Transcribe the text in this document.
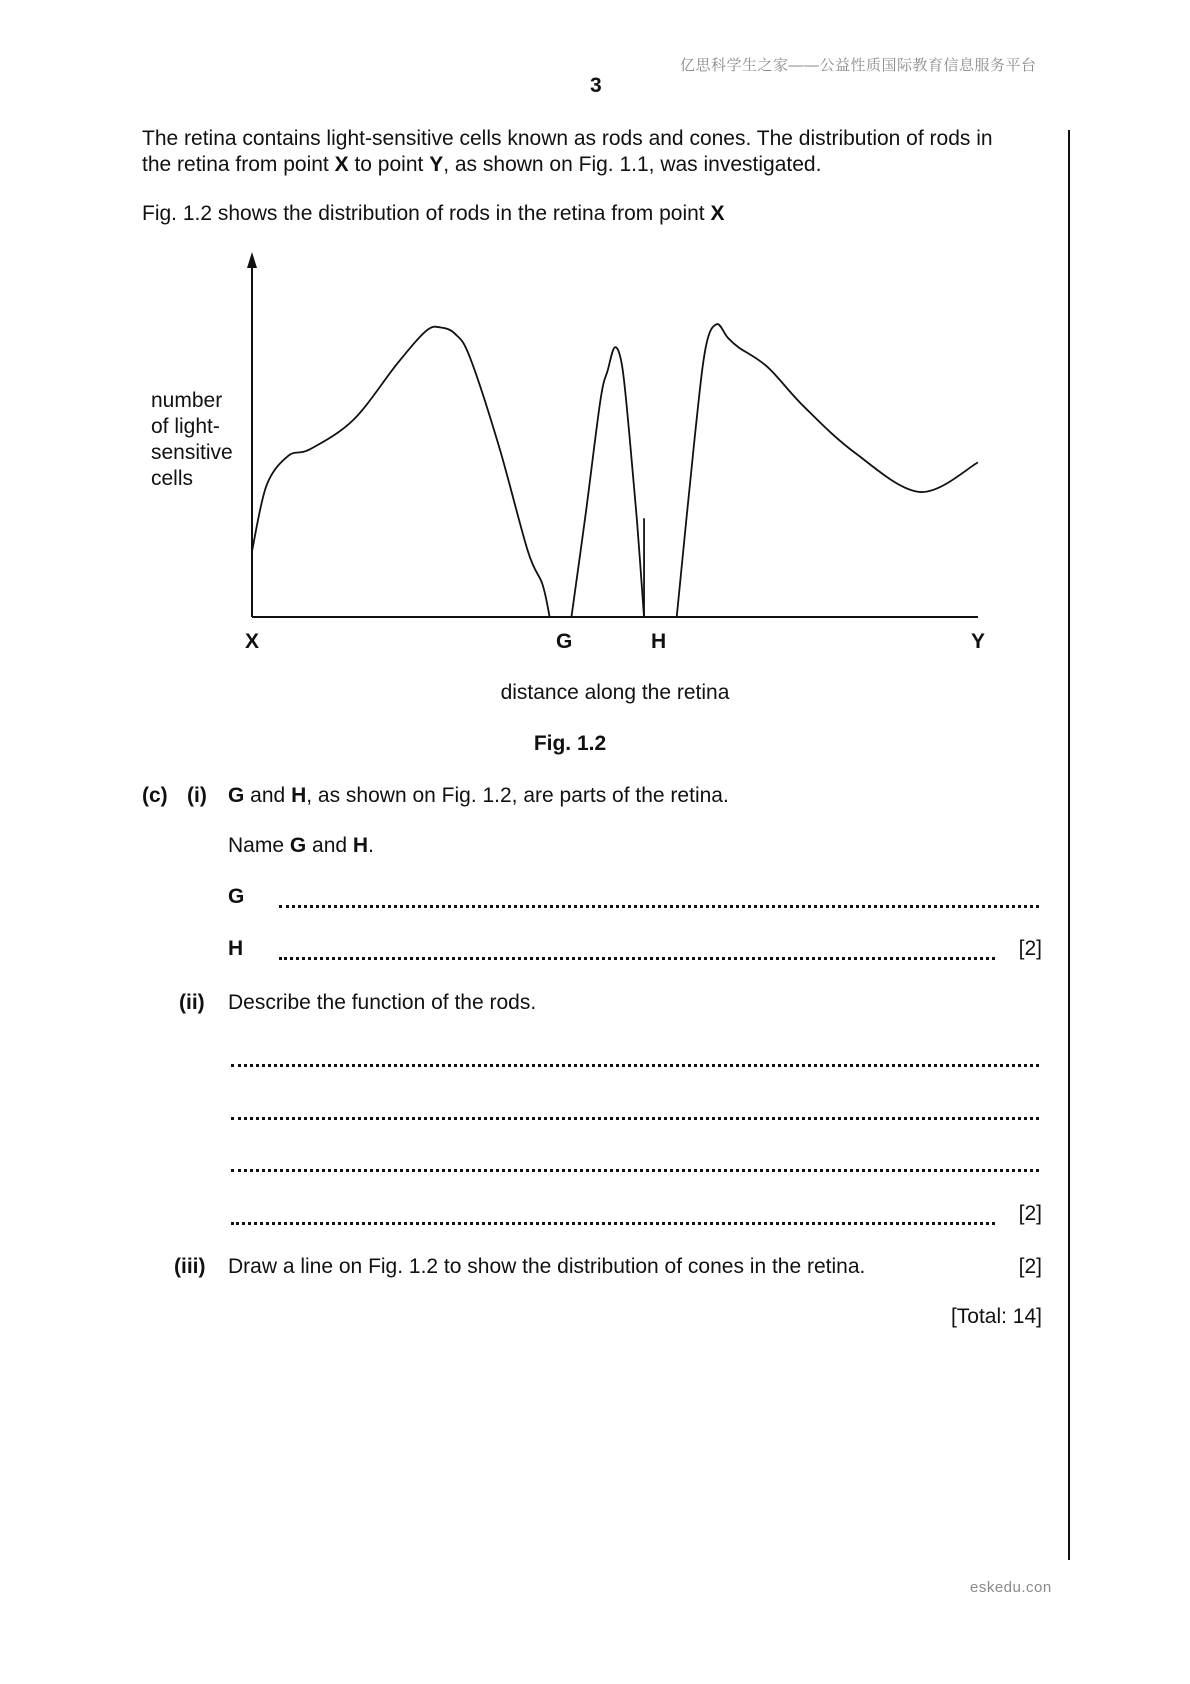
亿思科学生之家——公益性质国际教育信息服务平台
3
The retina contains light-sensitive cells known as rods and cones. The distribution of rods in
the retina from point X to point Y, as shown on Fig. 1.1, was investigated.
Fig. 1.2 shows the distribution of rods in the retina from point X
number
of light-
sensitive
cells
X	G	H	Y
distance along the retina
Fig. 1.2
(c) (i) G and H, as shown on Fig. 1.2, are parts of the retina.
Name G and H.
G
H	[2]
(ii) Describe the function of the rods.
[2]
(iii) Draw a line on Fig. 1.2 to show the distribution of cones in the retina.	[2]
[Total: 14]
eskedu.con
